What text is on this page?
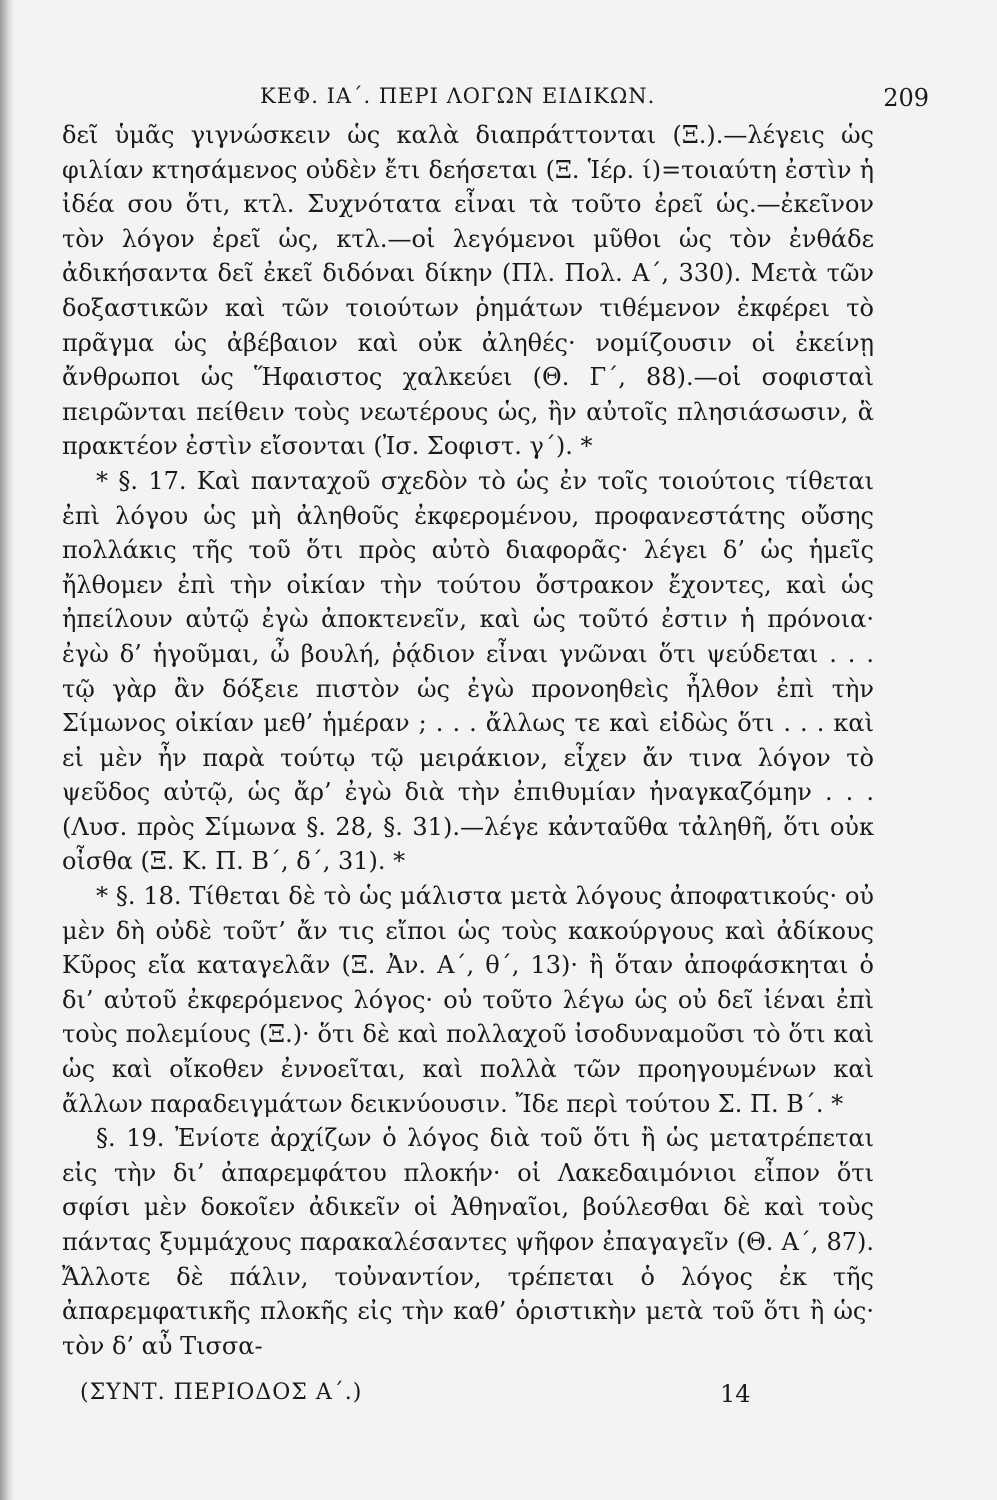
ΚΕΦ. ΙΑ΄. ΠΕΡΙ ΛΟΓΩΝ ΕΙΔΙΚΩΝ.	209

δεῖ ὑμᾶς γιγνώσκειν ὡς καλὰ διαπράττονται (Ξ.).—λέγεις ὡς φιλίαν κτησάμενος οὐδὲν ἔτι δεήσεται (Ξ. Ἱέρ. ί)=τοιαύτη ἐστὶν ἡ ἰδέα σου ὅτι, κτλ. Συχνότατα εἶναι τὰ τοῦτο ἐρεῖ ὡς.—ἐκεῖνον τὸν λόγον ἐρεῖ ὡς, κτλ.—οἱ λεγόμενοι μῦθοι ὡς τὸν ἐνθάδε ἀδικήσαντα δεῖ ἐκεῖ διδόναι δίκην (Πλ. Πολ. Α΄, 330). Μετὰ τῶν δοξαστικῶν καὶ τῶν τοιούτων ῥημάτων τιθέμενον ἐκφέρει τὸ πρᾶγμα ὡς ἀβέβαιον καὶ οὐκ ἀληθές· νομίζουσιν οἱ ἐκείνῃ ἄνθρωποι ὡς Ἥφαιστος χαλκεύει (Θ. Γ΄, 88).—οἱ σοφισταὶ πειρῶνται πείθειν τοὺς νεωτέρους ὡς, ἢν αὐτοῖς πλησιάσωσιν, ἃ πρακτέον ἐστὶν εἴσονται (Ἰσ. Σοφιστ. γ΄). *

* §. 17. Καὶ πανταχοῦ σχεδὸν τὸ ὡς ἐν τοῖς τοιούτοις τίθεται ἐπὶ λόγου ὡς μὴ ἀληθοῦς ἐκφερομένου, προφανεστάτης οὔσης πολλάκις τῆς τοῦ ὅτι πρὸς αὐτὸ διαφορᾶς· λέγει δ’ ὡς ἡμεῖς ἤλθομεν ἐπὶ τὴν οἰκίαν τὴν τούτου ὄστρακον ἔχοντες, καὶ ὡς ἠπείλουν αὐτῷ ἐγὼ ἀποκτενεῖν, καὶ ὡς τοῦτό ἐστιν ἡ πρόνοια· ἐγὼ δ’ ἡγοῦμαι, ὦ βουλή, ῥᾴδιον εἶναι γνῶναι ὅτι ψεύδεται . . . τῷ γὰρ ἂν δόξειε πιστὸν ὡς ἐγὼ προνοηθεὶς ἦλθον ἐπὶ τὴν Σίμωνος οἰκίαν μεθ’ ἡμέραν ; . . . ἄλλως τε καὶ εἰδὼς ὅτι . . . καὶ εἰ μὲν ἦν παρὰ τούτῳ τῷ μειράκιον, εἶχεν ἄν τινα λόγον τὸ ψεῦδος αὐτῷ, ὡς ἄρ’ ἐγὼ διὰ τὴν ἐπιθυμίαν ἠναγκαζόμην . . . (Λυσ. πρὸς Σίμωνα §. 28, §. 31).—λέγε κἀνταῦθα τἀληθῆ, ὅτι οὐκ οἶσθα (Ξ. Κ. Π. Β΄, δ΄, 31). *

* §. 18. Τίθεται δὲ τὸ ὡς μάλιστα μετὰ λόγους ἀποφατικούς· οὐ μὲν δὴ οὐδὲ τοῦτ’ ἄν τις εἴποι ὡς τοὺς κακούργους καὶ ἀδίκους Κῦρος εἴα καταγελᾶν (Ξ. Ἀν. Α΄, θ΄, 13)· ἢ ὅταν ἀποφάσκηται ὁ δι’ αὐτοῦ ἐκφερόμενος λόγος· οὐ τοῦτο λέγω ὡς οὐ δεῖ ἰέναι ἐπὶ τοὺς πολεμίους (Ξ.)· ὅτι δὲ καὶ πολλαχοῦ ἰσοδυναμοῦσι τὸ ὅτι καὶ ὡς καὶ οἴκοθεν ἐννοεῖται, καὶ πολλὰ τῶν προηγουμένων καὶ ἄλλων παραδειγμάτων δεικνύουσιν. Ἴδε περὶ τούτου Σ. Π. Β΄. *

§. 19. Ἐνίοτε ἀρχίζων ὁ λόγος διὰ τοῦ ὅτι ἢ ὡς μετατρέπεται εἰς τὴν δι’ ἀπαρεμφάτου πλοκήν· οἱ Λακεδαιμόνιοι εἶπον ὅτι σφίσι μὲν δοκοῖεν ἀδικεῖν οἱ Ἀθηναῖοι, βούλεσθαι δὲ καὶ τοὺς πάντας ξυμμάχους παρακαλέσαντες ψῆφον ἐπαγαγεῖν (Θ. Α΄, 87). Ἄλλοτε δὲ πάλιν, τοὐναντίον, τρέπεται ὁ λόγος ἐκ τῆς ἀπαρεμφατικῆς πλοκῆς εἰς τὴν καθ’ ὁριστικὴν μετὰ τοῦ ὅτι ἢ ὡς· τὸν δ’ αὖ Τισσα-

(ΣΥΝΤ. ΠΕΡΙΟΔΟΣ Α΄.)	14
